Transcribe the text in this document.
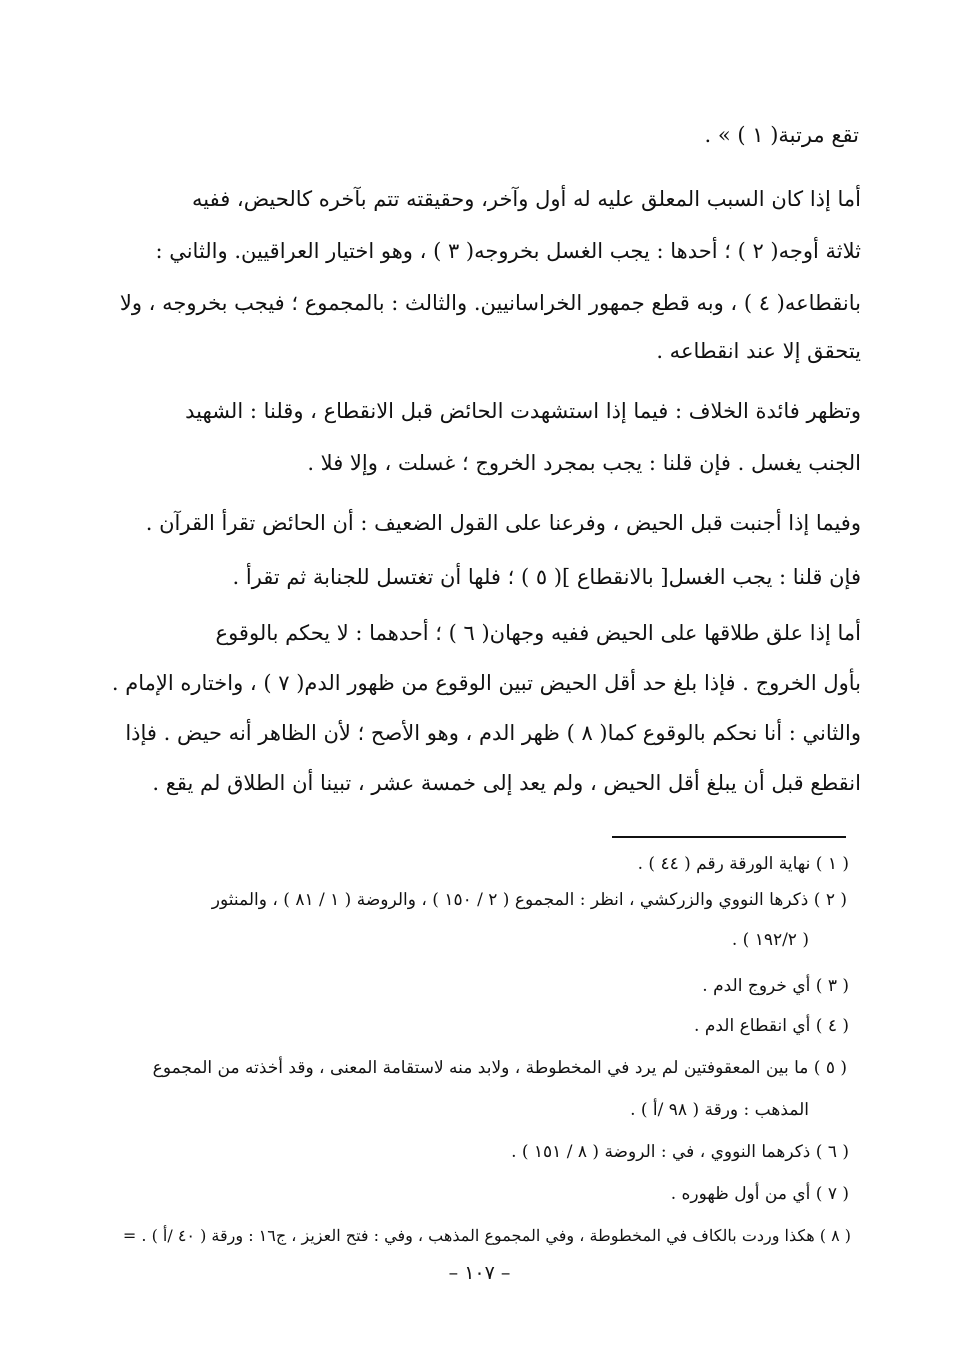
تقع مرتبة( ١ ) » .
أما إذا كان السبب المعلق عليه له أول وآخر، وحقيقته تتم بآخره كالحيض، ففيه
ثلاثة أوجه( ٢ ) ؛ أحدها : يجب الغسل بخروجه( ٣ ) ، وهو اختيار العراقيين. والثاني :
بانقطاعه( ٤ ) ، وبه قطع جمهور الخراسانيين. والثالث : بالمجموع ؛ فيجب بخروجه ، ولا
يتحقق إلا عند انقطاعه .
وتظهر فائدة الخلاف : فيما إذا استشهدت الحائض قبل الانقطاع ، وقلنا : الشهيد
الجنب يغسل . فإن قلنا : يجب بمجرد الخروج ؛ غسلت ، وإلا فلا .
وفيما إذا أجنبت قبل الحيض ، وفرعنا على القول الضعيف : أن الحائض تقرأ القرآن .
فإن قلنا : يجب الغسل[ بالانقطاع ]( ٥ ) ؛ فلها أن تغتسل للجنابة ثم تقرأ .
أما إذا علق طلاقها على الحيض ففيه وجهان( ٦ ) ؛ أحدهما : لا يحكم بالوقوع
بأول الخروج . فإذا بلغ حد أقل الحيض تبين الوقوع من ظهور الدم( ٧ ) ، واختاره الإمام .
والثاني : أنا نحكم بالوقوع كما( ٨ ) ظهر الدم ، وهو الأصح ؛ لأن الظاهر أنه حيض . فإذا
انقطع قبل أن يبلغ أقل الحيض ، ولم يعد إلى خمسة عشر ، تبينا أن الطلاق لم يقع .
( ١ ) نهاية الورقة رقم ( ٤٤ ) .
( ٢ ) ذكرها النووي والزركشي ، انظر : المجموع ( ٢ / ١٥٠ ) ، والروضة ( ١ / ٨١ ) ، والمنثور
( ١٩٢/٢ ) .
( ٣ ) أي خروج الدم .
( ٤ ) أي انقطاع الدم .
( ٥ ) ما بين المعقوفتين لم يرد في المخطوطة ، ولابد منه لاستقامة المعنى ، وقد أخذته من المجموع
المذهب : ورقة ( ٩٨ /أ ) .
( ٦ ) ذكرهما النووي ، في : الروضة ( ٨ / ١٥١ ) .
( ٧ ) أي من أول ظهوره .
( ٨ ) هكذا وردت بالكاف في المخطوطة ، وفي المجموع المذهب ، وفي : فتح العزيز ، ج١٦ : ورقة ( ٤٠ /أ ) . =
– ١٠٧ –
